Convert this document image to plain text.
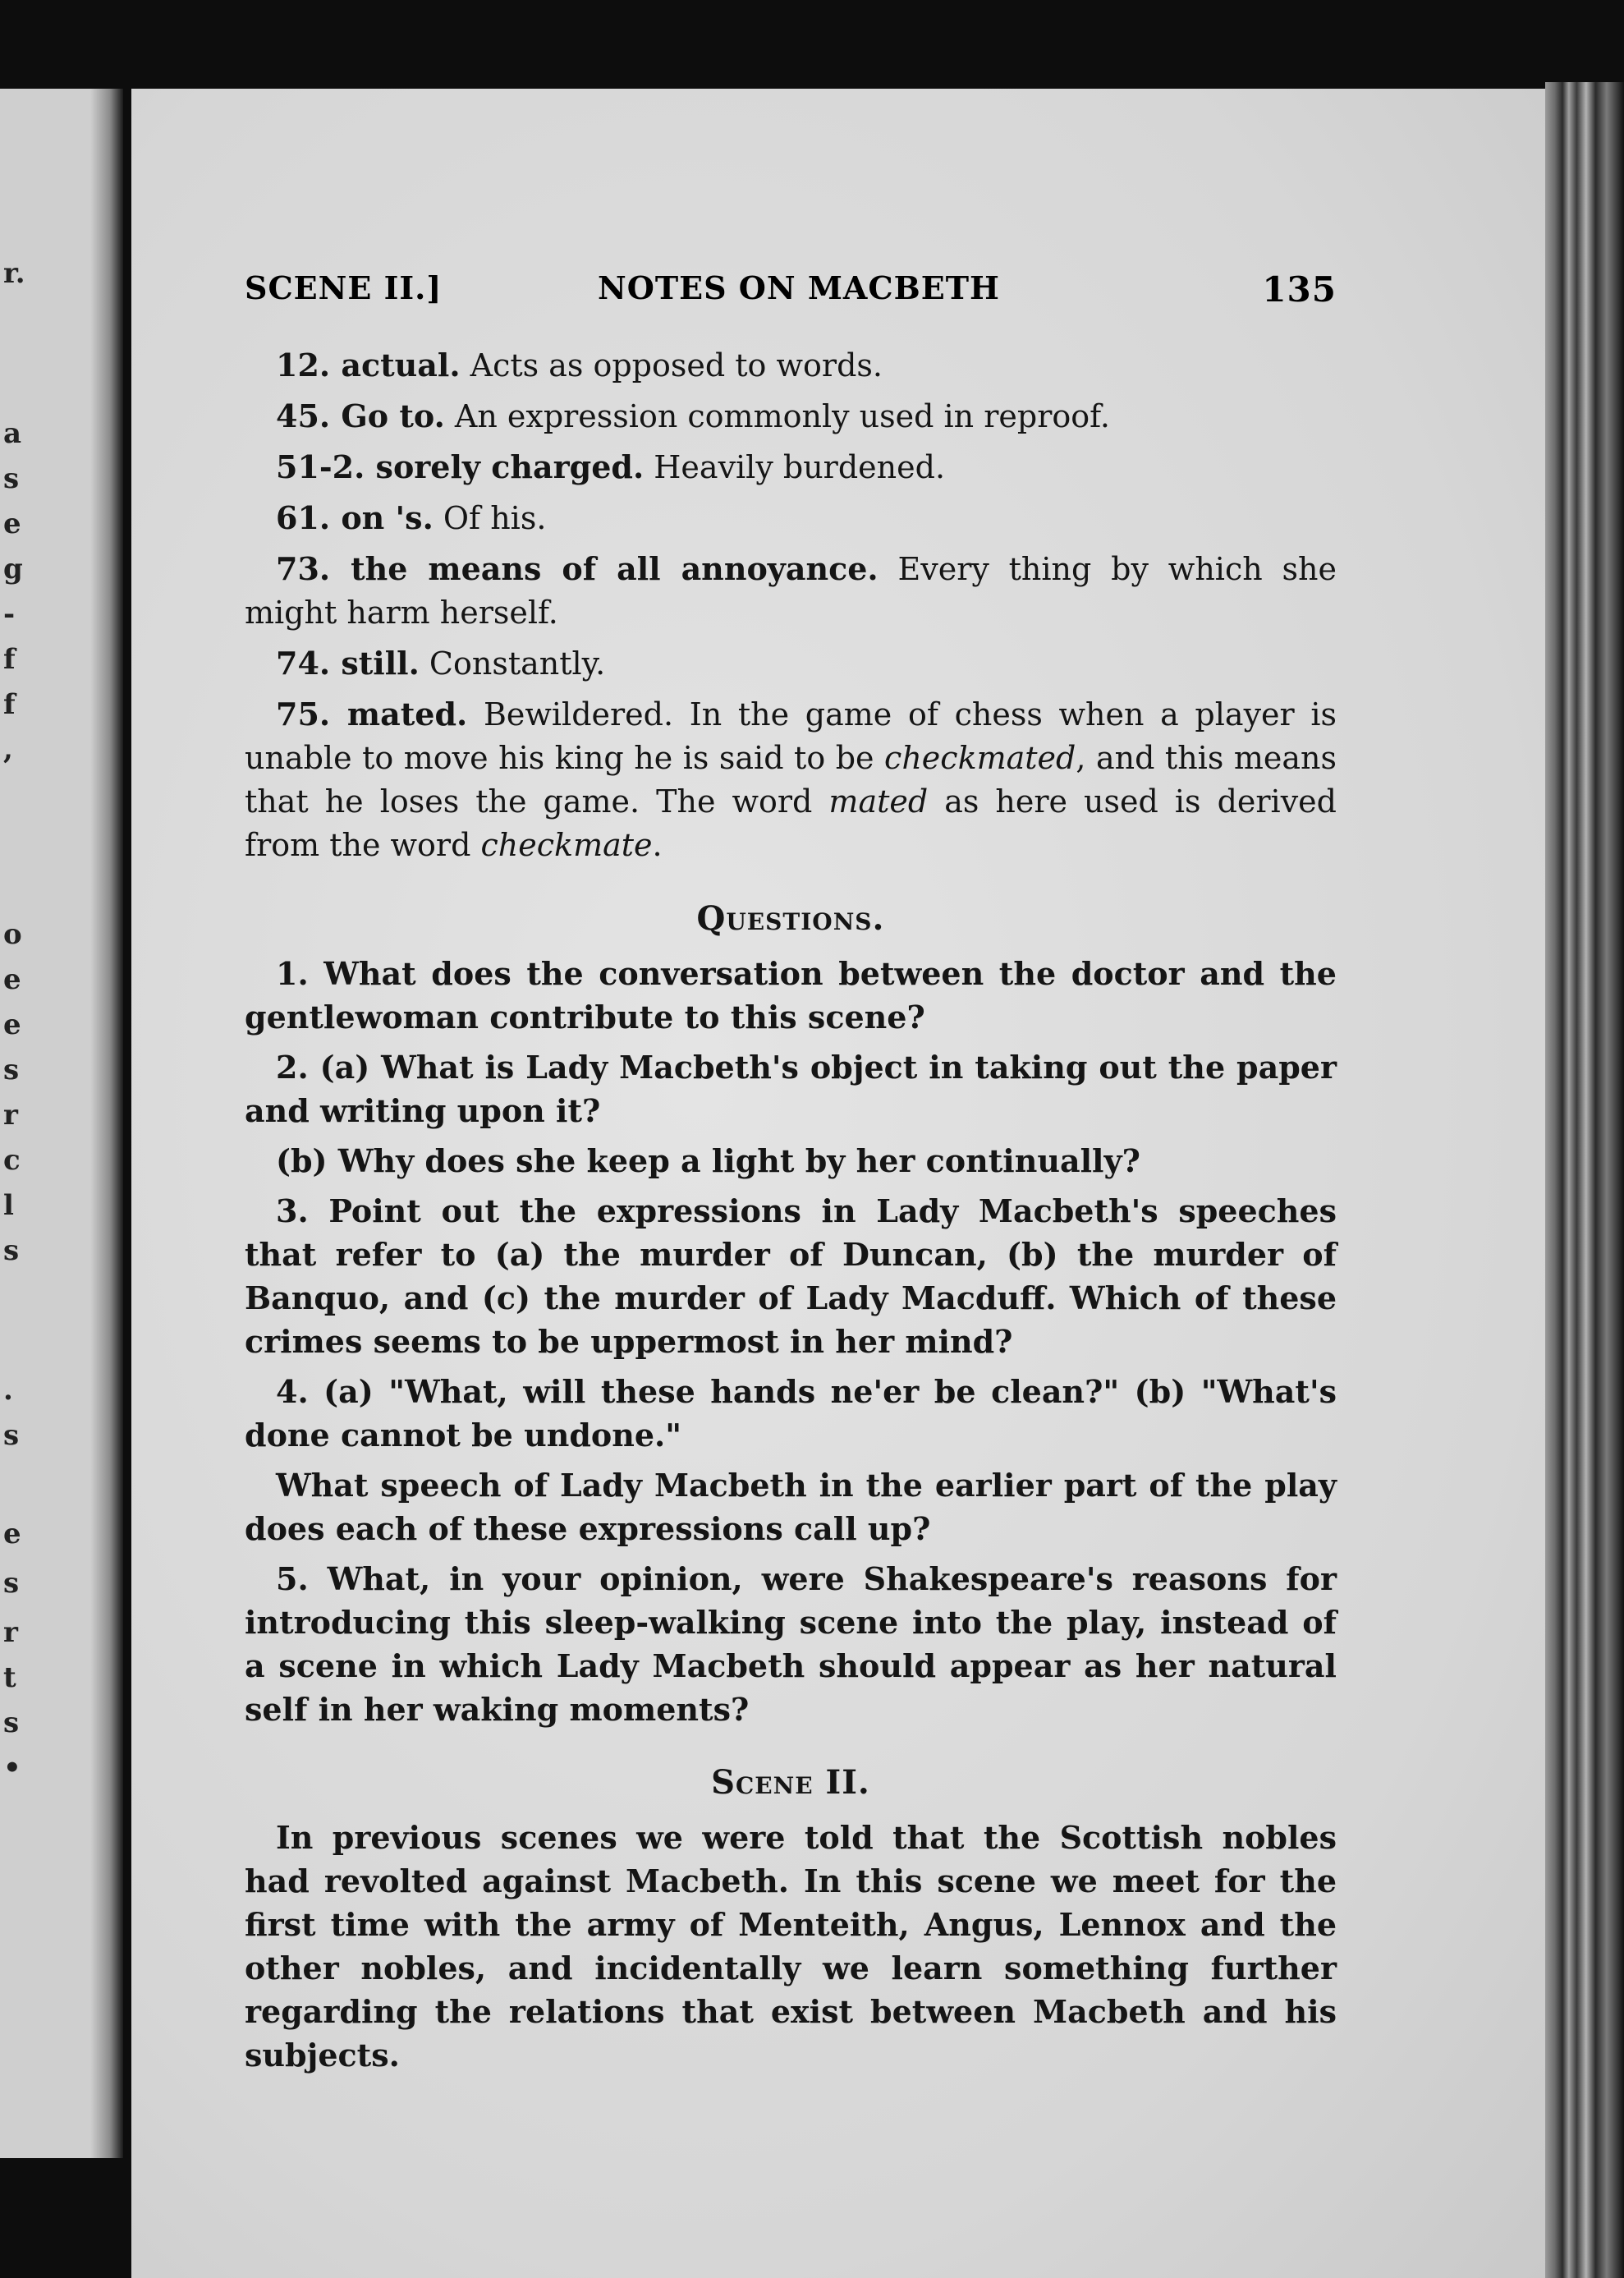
r.
a
s
e
g
-
f
f
,
o
e
e
s
r
c
l
s
.
s
e
s
r
t
s
•
SCENE II.]	NOTES ON MACBETH	135

12. actual. Acts as opposed to words.

45. Go to. An expression commonly used in reproof.

51-2. sorely charged. Heavily burdened.

61. on 's. Of his.

73. the means of all annoyance. Every thing by which she might harm herself.

74. still. Constantly.

75. mated. Bewildered. In the game of chess when a player is unable to move his king he is said to be checkmated, and this means that he loses the game. The word mated as here used is derived from the word checkmate.

Questions.

1. What does the conversation between the doctor and the gentlewoman contribute to this scene?

2. (a) What is Lady Macbeth's object in taking out the paper and writing upon it?

(b) Why does she keep a light by her continually?

3. Point out the expressions in Lady Macbeth's speeches that refer to (a) the murder of Duncan, (b) the murder of Banquo, and (c) the murder of Lady Macduff. Which of these crimes seems to be uppermost in her mind?

4. (a) "What, will these hands ne'er be clean?" (b) "What's done cannot be undone."

What speech of Lady Macbeth in the earlier part of the play does each of these expressions call up?

5. What, in your opinion, were Shakespeare's reasons for introducing this sleep-walking scene into the play, instead of a scene in which Lady Macbeth should appear as her natural self in her waking moments?

Scene II.

In previous scenes we were told that the Scottish nobles had revolted against Macbeth. In this scene we meet for the first time with the army of Menteith, Angus, Lennox and the other nobles, and incidentally we learn something further regarding the relations that exist between Macbeth and his subjects.
